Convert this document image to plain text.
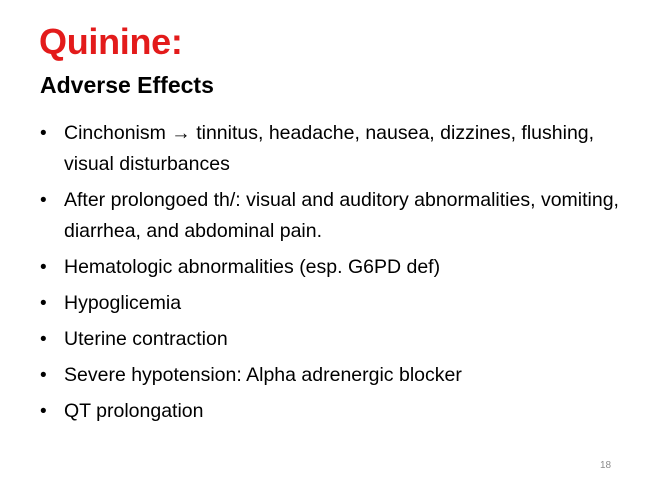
Quinine:
Adverse Effects
• Cinchonism → tinnitus, headache, nausea, dizzines, flushing, visual disturbances
• After prolongoed th/: visual and auditory abnormalities, vomiting, diarrhea, and abdominal pain.
• Hematologic abnormalities (esp. G6PD def)
• Hypoglicemia
• Uterine contraction
• Severe hypotension: Alpha adrenergic blocker
• QT prolongation
18
